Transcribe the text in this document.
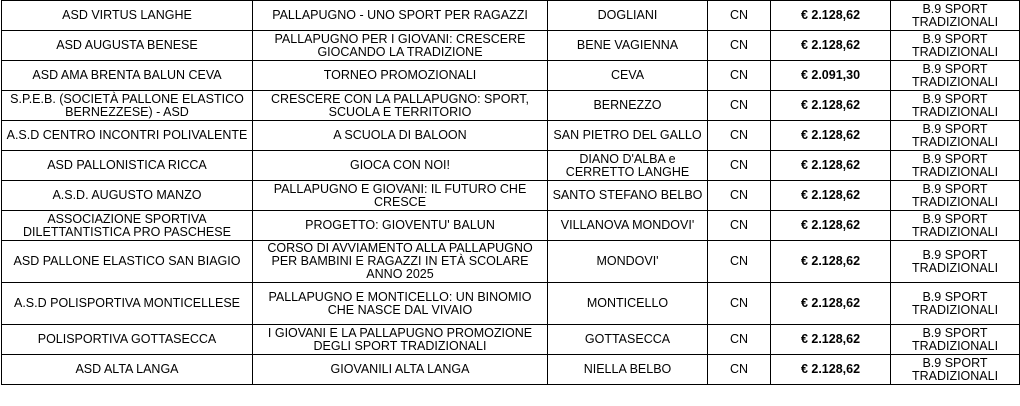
ASD VIRTUS LANGHE	PALLAPUGNO - UNO SPORT PER RAGAZZI	DOGLIANI	CN	€ 2.128,62	B.9 SPORT
TRADIZIONALI

ASD AUGUSTA BENESE	PALLAPUGNO PER I GIOVANI: CRESCERE GIOCANDO LA TRADIZIONE	BENE VAGIENNA	CN	€ 2.128,62	B.9 SPORT
TRADIZIONALI

ASD AMA BRENTA BALUN CEVA	TORNEO PROMOZIONALI	CEVA	CN	€ 2.091,30	B.9 SPORT
TRADIZIONALI

S.P.E.B. (SOCIETÀ PALLONE ELASTICO BERNEZZESE) - ASD	CRESCERE CON LA PALLAPUGNO: SPORT, SCUOLA E TERRITORIO	BERNEZZO	CN	€ 2.128,62	B.9 SPORT
TRADIZIONALI

A.S.D CENTRO INCONTRI POLIVALENTE	A SCUOLA DI BALOON	SAN PIETRO DEL GALLO	CN	€ 2.128,62	B.9 SPORT
TRADIZIONALI

ASD PALLONISTICA RICCA	GIOCA CON NOI!	DIANO D'ALBA e CERRETTO LANGHE	CN	€ 2.128,62	B.9 SPORT
TRADIZIONALI

A.S.D. AUGUSTO MANZO	PALLAPUGNO E GIOVANI: IL FUTURO CHE CRESCE	SANTO STEFANO BELBO	CN	€ 2.128,62	B.9 SPORT
TRADIZIONALI

ASSOCIAZIONE SPORTIVA DILETTANTISTICA PRO PASCHESE	PROGETTO: GIOVENTU' BALUN	VILLANOVA MONDOVI'	CN	€ 2.128,62	B.9 SPORT
TRADIZIONALI

ASD PALLONE ELASTICO SAN BIAGIO	CORSO DI AVVIAMENTO ALLA PALLAPUGNO PER BAMBINI E RAGAZZI IN ETÀ SCOLARE ANNO 2025	MONDOVI'	CN	€ 2.128,62	B.9 SPORT
TRADIZIONALI

A.S.D POLISPORTIVA MONTICELLESE	PALLAPUGNO E MONTICELLO: UN BINOMIO CHE NASCE DAL VIVAIO	MONTICELLO	CN	€ 2.128,62	B.9 SPORT
TRADIZIONALI

POLISPORTIVA GOTTASECCA	I GIOVANI E LA PALLAPUGNO PROMOZIONE DEGLI SPORT TRADIZIONALI	GOTTASECCA	CN	€ 2.128,62	B.9 SPORT
TRADIZIONALI

ASD ALTA LANGA	GIOVANILI ALTA LANGA	NIELLA BELBO	CN	€ 2.128,62	B.9 SPORT
TRADIZIONALI
